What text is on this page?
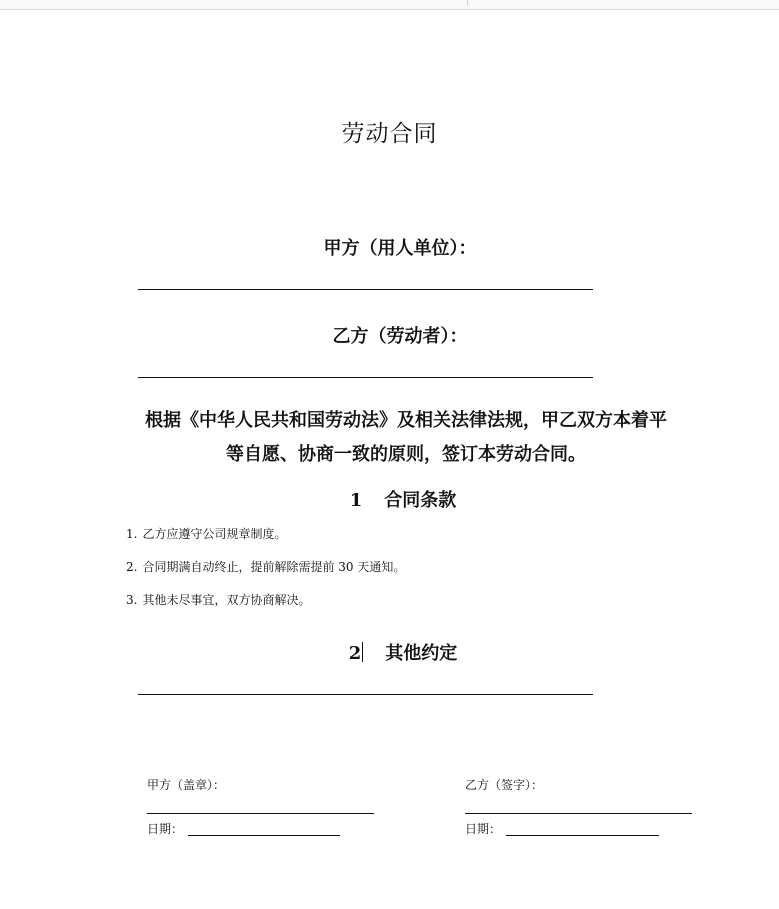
劳动合同
甲方（用人单位）：
乙方（劳动者）：
根据《中华人民共和国劳动法》及相关法律法规，甲乙双方本着平
等自愿、协商一致的原则，签订本劳动合同。
1 合同条款
1. 乙方应遵守公司规章制度。
2. 合同期满自动终止，提前解除需提前 30 天通知。
3. 其他未尽事宜，双方协商解决。
2 其他约定
甲方（盖章）：	乙方（签字）：
日期：	日期：
